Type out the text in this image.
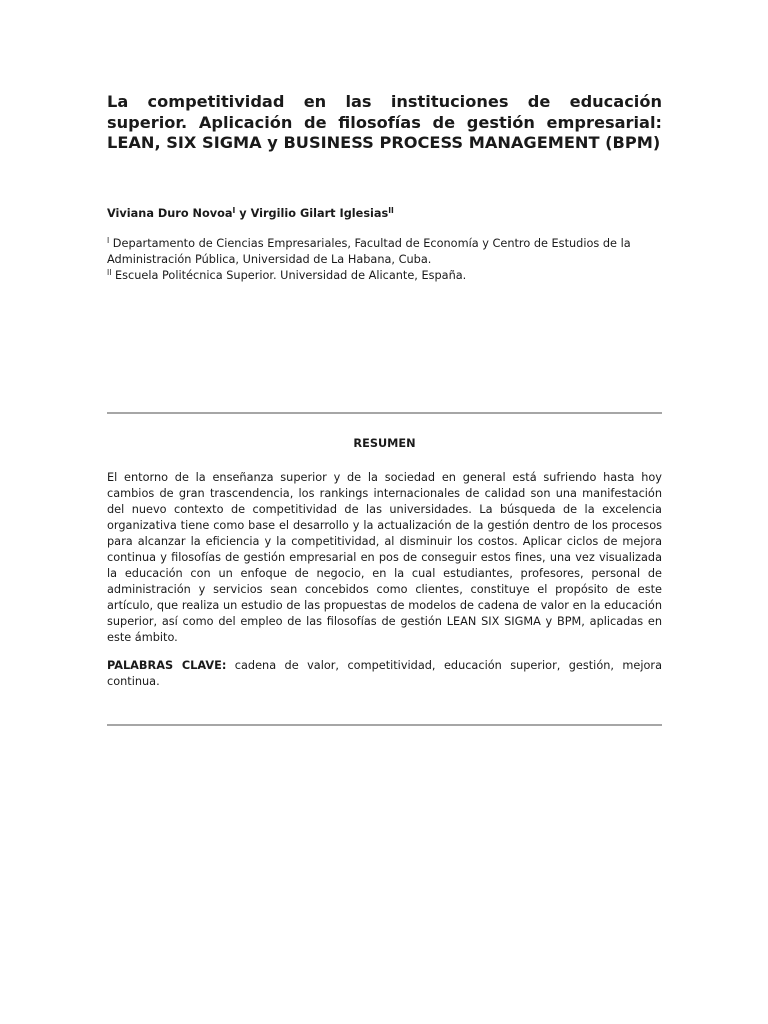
La competitividad en las instituciones de educación superior. Aplicación de filosofías de gestión empresarial: LEAN, SIX SIGMA y BUSINESS PROCESS MANAGEMENT (BPM)
Viviana Duro Novoa$^I$ y Virgilio Gilart Iglesias$^{II}$

$^I$ Departamento de Ciencias Empresariales, Facultad de Economía y Centro de Estudios de la Administración Pública, Universidad de La Habana, Cuba.

$^{II}$ Escuela Politécnica Superior. Universidad de Alicante, España.

RESUMEN

El entorno de la enseñanza superior y de la sociedad en general está sufriendo hasta hoy cambios de gran trascendencia, los rankings internacionales de calidad son una manifestación del nuevo contexto de competitividad de las universidades. La búsqueda de la excelencia organizativa tiene como base el desarrollo y la actualización de la gestión dentro de los procesos para alcanzar la eficiencia y la competitividad, al disminuir los costos. Aplicar ciclos de mejora continua y filosofías de gestión empresarial en pos de conseguir estos fines, una vez visualizada la educación con un enfoque de negocio, en la cual estudiantes, profesores, personal de administración y servicios sean concebidos como clientes, constituye el propósito de este artículo, que realiza un estudio de las propuestas de modelos de cadena de valor en la educación superior, así como del empleo de las filosofías de gestión LEAN SIX SIGMA y BPM, aplicadas en este ámbito.

PALABRAS CLAVE: cadena de valor, competitividad, educación superior, gestión, mejora continua.
